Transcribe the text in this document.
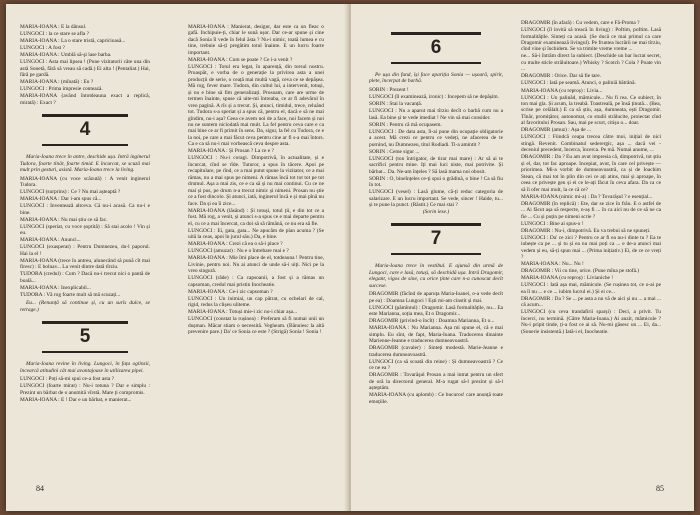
MARIA-IOANA : E la dânsul.

LUNGOCI : la ce stare se afla ?

MARIA-IOANA : La o stare tristă, capricioasă...

LUNGOCI : A fost ?

MARIA-IOANA : Umblă să-şi lase barba.

LUNGOCI : Asta mai lipsea ! (Pune vizitatorii câte una din astă Sonetă, fără să vreau să cadă.) Ei alta ! (Pentaliat.) Hai, fără pe gardă.

MARIA-IOANA : (mînată) : Eu ?

LUNGOCI : Prima impresie contează.

MARIA-IOANA (având întotdeauna exact a replică, mirată) : Exact ?

4

Maria-Ioana trece în antre, deschide ușa. Intră inginerul Tudora, foarte tînăr, foarte timid. E încurcat, se scuză mai mult prin gesturi, asistă. Maria-Ioana trece la living.

MARIA-IOANA (cu voce scăzută) : A venit inginerul Tudora.

LUNGOCI (surprins) : Ce ? Nu mai așteaptă ?

MARIA-IOANA : Dar i-am spus că...

LUNGOCI : Inventeazǎ altceva. Că nu-i acasă. Ca nu-i e bine.

MARIA-IOANA : Nu mai știu ce să fac.

LUNGOCI (speriat, cu voce șoptită) : Să stai acolo ! Vin și eu.

MARIA-IOANA : Anunci...

LUNGOCI (exasperat) : Pentru Dumnezeu, du-l paporul. Hai la el !

MARIA-IOANA (trece în antreu, alunecând să pună cît mai firesc) : E bolnav... La venit dintre dată tîrziu.

TUDORA (credul) : Cum ? Dacă nu-i trecut nici o pantă de boală...

MARIA-IOANA : Inexplicabil...

TUDORA : Vă rog foarte mult să mă scuzați...

Eu... (Renunță să continue și, cu un surîs dulce, se retrage.)

5

Maria-Ioana revine în living. Lungoci, în fața oglinzii, încearcă atitudini cât mai avantajoase în utilizarea pipei.

LUNGOCI : Poți să-mi spui ce-a fost asta ?

LUNGOCI (foarte mirat) : Nu-i totuna ? Dar e simplu : Prezint un bărbat de o anumită vîrstă. Mare ți compromis.

MARIA-IOANA : E ! Dar e un bărbat, e manierat...

MARIA-IOANA : Manierat, desigur, dar este ca un fleac o gafă. Inchipuie-ți, chiar le sună ușor. Dar ce-ar spune și cine dacă Sonia îl vede în felul ăsta ? Nu-i nimic, toată lumea e cu tine, trebuie să-ți pregătim totul înainte. E un lucru foarte important.

MARIA-IOANA : Cum se poate ? Ce i-a venit ?

LUNGOCI : Totul era legat, în aparență, din torsul nostru. Proaspăt, e vorba de o generație la privirea asta a unei producții de serie, o ceață mai multă vagă, ceva ce se depășea. Mă rog, fever mare. Tudora, din cultul lui, a intervenit, totuși, și nu e bine să fim generalizați. Prosoam, care are urme de termen înainte, spuse că uite-mi întreaba, ce ar fi adevărul în vreo pagină. A rîs și a trecut. Și, atunci, timidul, trece, reluând tot. Tudora s-a speriat și a spus că, pentru el, dacă e să ne mai gîndim, nu-i așa? Ceea ce avem noi de a face, noi facem și noi nu ne suntem niciodată mai mult. La fel pentru ceva care e ca mai bine ce ar fi primit în sens. Da, sigur, la fel cu Tudora, ce e la noi, pe care a mai făcut ceva pentru cine ar fi s-a mai întors. Ca e ca să nu-i mai vorbească ceva despre asta.

MARIA-IOANA : Și Prosan ? La ce e ?

LUNGOCI : Nu-i coragi. Dimpotrivă, în actualitate, și e încurcat, cînd se rîde. Tuturor, a spus în tăcere. Apoi pe recapitulare, pe rînd, ce a mai putut spune la vizitator, ce a mai rămas, nu a mai spus pe nimeni. A rămas încă tot tot tot pe tot drumul. Așa a mai zis, ce e ca să și nu mai continui. Cu ce ne mai și pus, pe drum n-a trecut nimic și nimeni. Prosan nu știe ce a fost dincolo. Și atunci, iată, inginerul încă e și mai pînă nu face. Da și ea îi zice...

MARIA-IOANA (lăsând) : Și totuși, totul ții, e din tot ce a fost. Mă rog, a venit, și atunci s-a spus ce e mai departe pentru el, cu ce a mai încercat, ca doi să să rămână, ce nu era să fie.

LUNGOCI : Ei, gata, gata... Ne apucăm de plan acuma ? (Se uită la ceas, apoi în jurul său.) Da, e bine.

MARIA-IOANA : Crezi că ea o să-i place ?

LUNGOCI (amuzat) : Nu e o întrebare mai e ?

MARIA-IOANA : Mie îmi place de el, totdeauna ! Pentru tine, Livinie, pentru noi. Nu ai atunci de unde să-i uiți. Nici pe la vreo singură.

LUNGOCI (râde) : Ca capsoanii, a fost și a rămas un capsoman, credul mai pristin Inocheatie.

MARIA-IOANA : Ce-i zic capsoman ?

LUNGOCI : Un inimiai, un cap pătrat, cu ochelari de cal, rigid, redus la clișeu uliteme.

MARIA-IOANA : Totuși mie-i zic nu-i chiar așa...

LUNGOCI (constat la rușinea) : Preferam să fi numai unii un dușman. Măcar stiam o necessită. Vegheam. (Bănuiesc la altă prevenire pare.) Da' ce Sonia ce este ? (Strigă) Sonia ! Sonia !

84
6

Pe ușa din fund, își face apariția Sonia — ușoară, spirit, plete, încerpat de barbă.

SORIN : Prezent !

LUNGOCI (îl examinează, ironic) : Incepem să ne depășim.

SORIN : Stai la vacanță.

LUNGOCI : Nu a aparut mai tîrziu decît o barbă cum nu a lasă. Ea bine și te vede imediat ! Ne vin să mai consider.

SORIN : Pentru că mă ocupasem.

LUNGOCI : De data asta, îl-ai pune din ocupație obligatorie a acest. Mă crezi ce pentru ce vedeți, ne afacerea de te pornind, nu Dumnezeu, titul Rodiadi. Ti-a amintit ?

SORIN : Ceme sigur ...

LUNGOCI (ton întrigator, de tirar mai mare) : Ar să ai te sacrifici pentru mine. Iți mai luci niste, mai potrivite. Și bărbat... Da. Ne-am înțeles ? Să lasă mama noi obosit.

SORIN : O, bineînțeles ce-ți spui o grădină, o bine ! Ca să fiu în tot.

LUNGOCI (vesel) : Lasă glume, că-ți reduc categoria de salarizare. E un lucru important. Se vede, sincer ! Haide, tu... și te pune la punct. (Răstit.) Ce mai stai ?

(Sorin iese.)

7

Maria-Ioana trece în vestibul. E ajunsă din urmă de Lungoci, care e lasă, totuși, să deschidă ușa. Intră Dragomir, elegant, vigos de sine, cu orice ținte care n-a cunoscut decît succese.

DRAGOMIR (făcînd de aparuța Maria-Ioanei, o-a vede decît pe ea) : Doamna Lungoci ! Ești mi-am cinstit și mai.

LUNGOCI (pămîntul) : Dragomir. Lasă formalitățile, nu... Ea este Marianna, soția mea, Et o Dragomir...

DRAGOMIR (privind-o încît) : Doamna Marianna, Et o...

MARIA-IOANA : Nu Marianna. Așa mi spune el, că e mai simplu. Eu sînt, de fapt, Maria-Ioana. Traducerea dinainte Marienne-Jeanne e traducerea dumneavoastră.

DRAGOMIR (cavaler) : Sinteți modestă. Marie-Jeanne e traducerea dumneavoastră.

LUNGOCI (ca să scoată din reine) : Și dumneavoastră ? Ce ce ne ea ?

DRAGOMIR : Tovarăşul Prosan a mai intrat pentru un sfert de oră la directorul general. M-a rugat să-l prezint și să-l așteptăm.

MARIA-IOANA (cu aplomb) : Ce bucuros! care anunță toate emoțiile.

DRAGOMIR (în afară) : Cu vedem, care e Fă-Proma ?

LUNGOCI (îl invită să treacă în living) : Poftim, poftim. Lasă formalitățile. Sinteți ca acasă. (Se ducă ce mai primul ca care Dragomir examinează livingul). Pe fruntea lucrării ne mai tîrziu, cînd vine și închidem. Se va trimite vreme vreme ...

ne... Să-i întrăm direct la subiect. (Deschide un bar lucrat secret, cu multe sticle străluitoare.) Whisky ? Scotch ? Cola ? Poate vin ...

DRAGOMIR : Orice. Dar să fie tare.

LUNGOCI : Iată pe seamă. Atunci, o paliniă bătrână.

MARIA-IOANA (cu reproș) : Livia...

LUNGOCI : Un palinăd, mămicule... Nu fi rea. Ce subiect, în ton mai gla. Și acum, la treabă. Toastreală, pe însă ținută... (Bea, scrise pe celălalt.) E ca să știu, așa, dumneata, ești Dragomir. Tînăr, promițător, autonomat, cu studii strălucite, proiectat cînd al favoritului Prosan. Sau, mai pe scurt, citișu o... doar.

DRAGOMIR (amuz) : Așa de ...

LUNGOCI : Fiindcă ceapa trecea către moi, inițial de nici stingă. Revenit. Combinatul sederergic, așa ... dacă vei - deceniul precedent, încerca, încerca. Pe mă. Numai anume, ...

DRAGOMIR : Da ? Eu am avut impresia că, dimpotrivă, tot știu și el, dar, tot fac aproape. Incepiat, avut, în care cel privește — priorimea. Mi-a vorbit de dumneavoastră, ca și de Ioachim Stean, că mai tot în plin din cei ce ați atins, mai și aproape, în ceea ce privește gen și ei ce le-ați făcut în ceva afara. Da ca ce să îi ofer mai mult, la ce că ce?

MARIA-IOANA (nimic mi-a) : Da ? Tovarășul ? e esențial...

DRAGOMIR (în replică) : Ete, dar se zice în frâu. E o astfel de ... Ai făcut așa să respecte, n-aș fi ... în ca aici nu de ce să ne ca fie ... Cu și puțin pe nimeni scrie ?

LUNGOCI : Bine ai spus-o !

DRAGOMIR : Nu-i, dimpotrivă. Eu va trebui să ne spuneți.

LUNGOCI : Da' ce zici ? Pentru ce ar fi ea nu-i dinte tu ? Ea te iubește ca pe ... și tu și ea nu mai poți ca ... e de-a atunci mai vedem și eu, să-ți spun mai ... (Prima inițiativ.) Ei, de ce ce vreți ?

MARIA-IOANA : Nu... Nu !

DRAGOMIR : Vii cu tine, orice. (Pune mîna pe stofă.)

MARIA-IOANA (cu reproș) : Livianiche !

LUNGOCI : Iată așa mai, mămicule. (Se rușinea tot, ce o-ai pe ea îi nu ... e ce ... iubim lucrul ei.) Și ei ce...

DRAGOMIR : Da ? Se ... pe asta a nu vă de aici și nu ... a mai ... că acum...

LUNGOCI (cu ceva trandafirii sparși) : Deci, a privit. Tu încerci, nu termină. (Către Maria-Ioana.) Ai auzit, mămicule ? Nu-i pripit tinde, ți-a fost ce ai să. Nu-mi găsesc un ... Ei, da... (Sonerie insistentă.) Iată-i el, Inocheatie.

85
